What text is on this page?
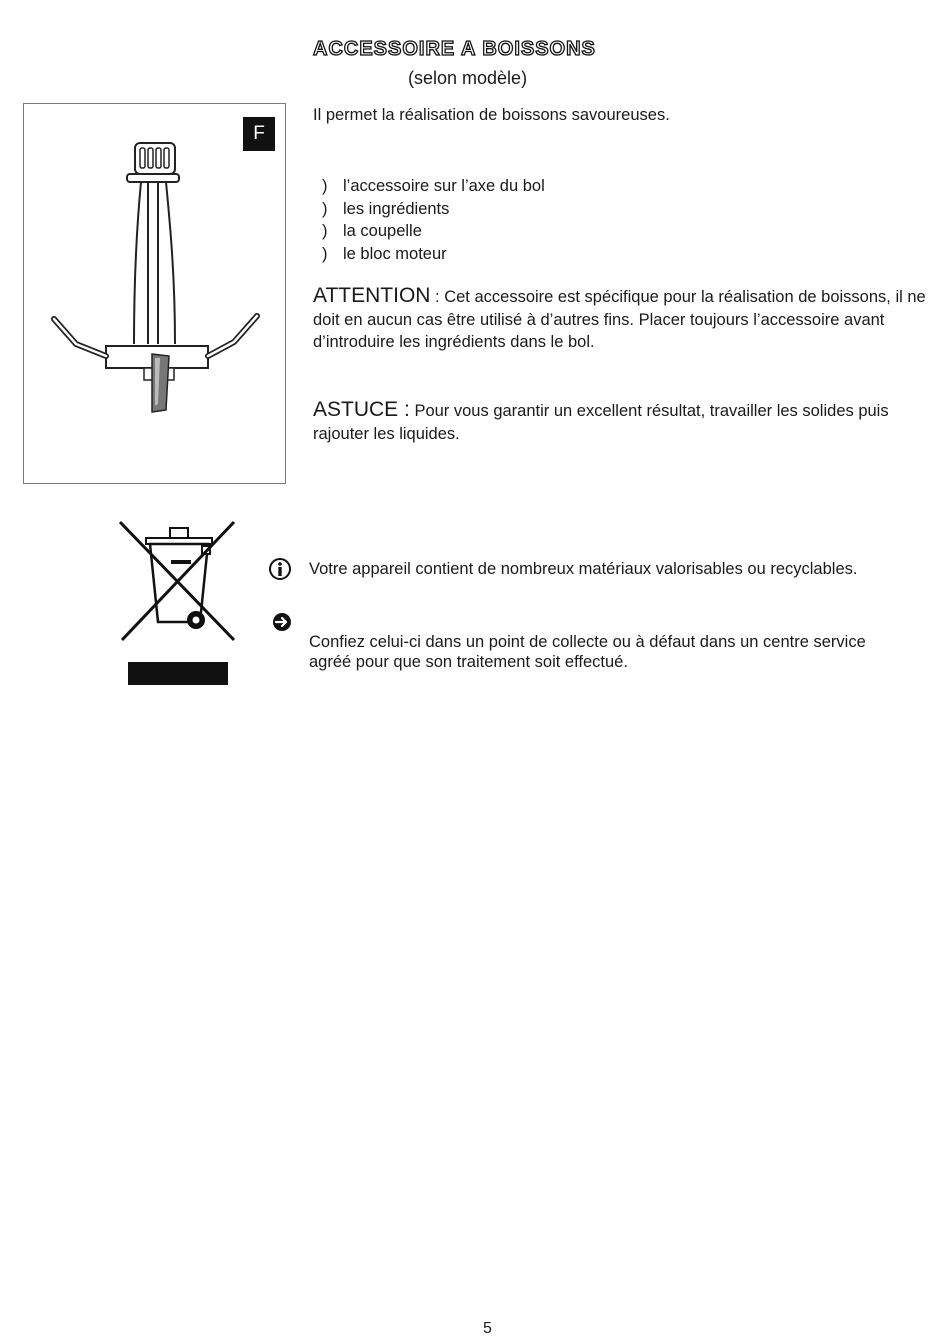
ACCESSOIRE A BOISSONS
(selon modèle)
F
Il permet la réalisation de boissons savoureuses.
) l’accessoire sur l’axe du bol
) les ingrédients
) la coupelle
) le bloc moteur
ATTENTION : Cet accessoire est spécifique pour la réalisation de boissons, il ne doit en aucun cas être utilisé à d’autres fins. Placer toujours l’accessoire avant d’introduire les ingrédients dans le bol.
ASTUCE : Pour vous garantir un excellent résultat, travailler les solides puis rajouter les liquides.
Votre appareil contient de nombreux matériaux valorisables ou recyclables.
Confiez celui-ci dans un point de collecte ou à défaut dans un centre service agréé pour que son traitement soit effectué.
5
